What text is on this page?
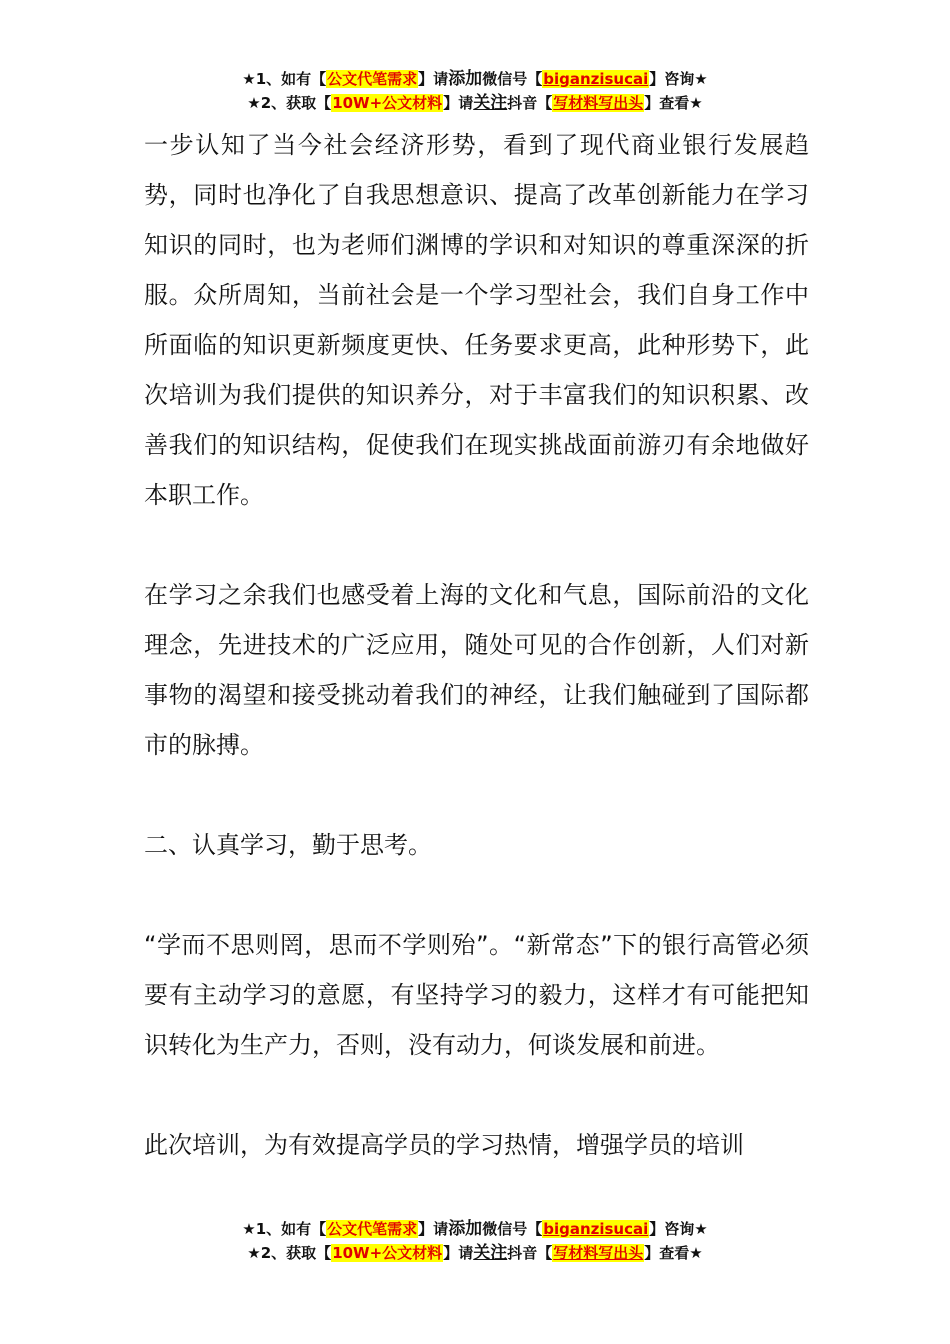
★1、如有【公文代笔需求】请添加微信号【biganzisucai】咨询★
★2、获取【10W+公文材料】请关注抖音【写材料写出头】查看★

一步认知了当今社会经济形势，看到了现代商业银行发展趋势，同时也净化了自我思想意识、提高了改革创新能力在学习知识的同时，也为老师们渊博的学识和对知识的尊重深深的折服。众所周知，当前社会是一个学习型社会，我们自身工作中所面临的知识更新频度更快、任务要求更高，此种形势下，此次培训为我们提供的知识养分，对于丰富我们的知识积累、改善我们的知识结构，促使我们在现实挑战面前游刃有余地做好本职工作。

在学习之余我们也感受着上海的文化和气息，国际前沿的文化理念，先进技术的广泛应用，随处可见的合作创新，人们对新事物的渴望和接受挑动着我们的神经，让我们触碰到了国际都市的脉搏。

二、认真学习，勤于思考。

“学而不思则罔，思而不学则殆”。“新常态”下的银行高管必须要有主动学习的意愿，有坚持学习的毅力，这样才有可能把知识转化为生产力，否则，没有动力，何谈发展和前进。

此次培训，为有效提高学员的学习热情，增强学员的培训

★1、如有【公文代笔需求】请添加微信号【biganzisucai】咨询★
★2、获取【10W+公文材料】请关注抖音【写材料写出头】查看★
